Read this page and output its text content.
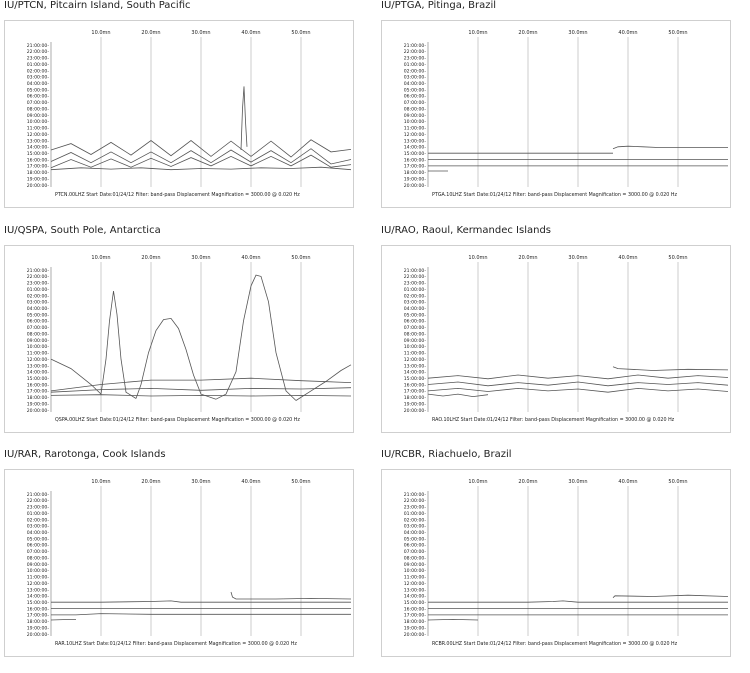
IU/PTCN, Pitcairn Island, South Pacific
21:00:00-
22:00:00-
23:00:00-
01:00:00-
02:00:00-
03:00:00-
04:00:00-
05:00:00-
06:00:00-
07:00:00-
08:00:00-
09:00:00-
10:00:00-
11:00:00-
12:00:00-
13:00:00-
14:00:00-
15:00:00-
16:00:00-
17:00:00-
18:00:00-
19:00:00-
20:00:00-
10.0mn	20.0mn	30.0mn	40.0mn	50.0mn
PTCN.00LHZ Start Date:01/24/12 Filter: band-pass Displacement Magnification = 3000.00 @ 0.020 Hz
IU/PTGA, Pitinga, Brazil
21:00:00-
22:00:00-
23:00:00-
01:00:00-
02:00:00-
03:00:00-
04:00:00-
05:00:00-
06:00:00-
07:00:00-
08:00:00-
09:00:00-
10:00:00-
11:00:00-
12:00:00-
13:00:00-
14:00:00-
15:00:00-
16:00:00-
17:00:00-
18:00:00-
19:00:00-
20:00:00-
10.0mn	20.0mn	30.0mn	40.0mn	50.0mn
PTGA.10LHZ Start Date:01/24/12 Filter: band-pass Displacement Magnification = 3000.00 @ 0.020 Hz
IU/QSPA, South Pole, Antarctica
21:00:00-
22:00:00-
23:00:00-
01:00:00-
02:00:00-
03:00:00-
04:00:00-
05:00:00-
06:00:00-
07:00:00-
08:00:00-
09:00:00-
10:00:00-
11:00:00-
12:00:00-
13:00:00-
14:00:00-
15:00:00-
16:00:00-
17:00:00-
18:00:00-
19:00:00-
20:00:00-
10.0mn	20.0mn	30.0mn	40.0mn	50.0mn
QSPA.00LHZ Start Date:01/24/12 Filter: band-pass Displacement Magnification = 3000.00 @ 0.020 Hz
IU/RAO, Raoul, Kermandec Islands
21:00:00-
22:00:00-
23:00:00-
01:00:00-
02:00:00-
03:00:00-
04:00:00-
05:00:00-
06:00:00-
07:00:00-
08:00:00-
09:00:00-
10:00:00-
11:00:00-
12:00:00-
13:00:00-
14:00:00-
15:00:00-
16:00:00-
17:00:00-
18:00:00-
19:00:00-
20:00:00-
10.0mn	20.0mn	30.0mn	40.0mn	50.0mn
RAO.10LHZ Start Date:01/24/12 Filter: band-pass Displacement Magnification = 3000.00 @ 0.020 Hz
IU/RAR, Rarotonga, Cook Islands
21:00:00-
22:00:00-
23:00:00-
01:00:00-
02:00:00-
03:00:00-
04:00:00-
05:00:00-
06:00:00-
07:00:00-
08:00:00-
09:00:00-
10:00:00-
11:00:00-
12:00:00-
13:00:00-
14:00:00-
15:00:00-
16:00:00-
17:00:00-
18:00:00-
19:00:00-
20:00:00-
10.0mn	20.0mn	30.0mn	40.0mn	50.0mn
RAR.10LHZ Start Date:01/24/12 Filter: band-pass Displacement Magnification = 3000.00 @ 0.020 Hz
IU/RCBR, Riachuelo, Brazil
21:00:00-
22:00:00-
23:00:00-
01:00:00-
02:00:00-
03:00:00-
04:00:00-
05:00:00-
06:00:00-
07:00:00-
08:00:00-
09:00:00-
10:00:00-
11:00:00-
12:00:00-
13:00:00-
14:00:00-
15:00:00-
16:00:00-
17:00:00-
18:00:00-
19:00:00-
20:00:00-
10.0mn	20.0mn	30.0mn	40.0mn	50.0mn
RCBR.00LHZ Start Date:01/24/12 Filter: band-pass Displacement Magnification = 3000.00 @ 0.020 Hz
